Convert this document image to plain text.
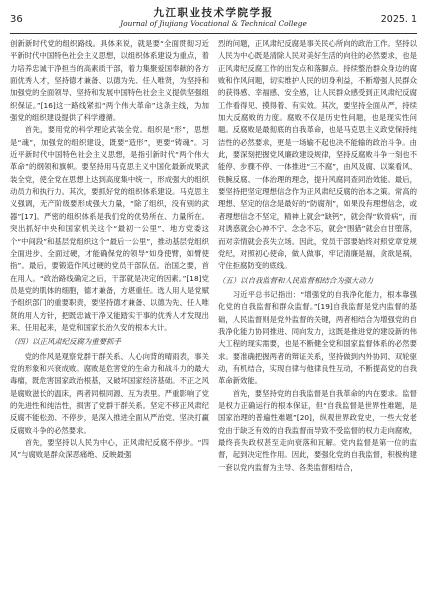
36
九江职业技术学院学报
Journal of Jiujiang Vocational & Technical College	2025. 1

创新新时代党的组织路线。具体来说，就是要“全面贯彻习近平新时代中国特色社会主义思想，以组织体系建设为重点，着力培养忠诚干净担当的高素质干部，着力集聚爱国奉献的各方面优秀人才，坚持德才兼备、以德为先、任人唯贤，为坚持和加强党的全面领导、坚持和发展中国特色社会主义提供坚强组织保证。”[16]这一路线紧扣“两个伟大革命”这条主线，为加强党的组织建设提供了科学遵循。

首先，要用党的科学理论武装全党。组织是“形”，思想是“魂”，加强党的组织建设，既要“造形”，更要“铸魂”。习近平新时代中国特色社会主义思想，是指引新时代“两个伟大革命”的纲领和旗帜。要坚持用马克思主义中国化最新成果武装全党，使全党在思想上达到高度集中统一，形成强大的组织动员力和执行力。其次，要抓好党的组织体系建设。马克思主义强调，无产阶级要形成强大力量，“除了组织，没有别的武器”[17]。严密的组织体系是我们党的优势所在、力量所在。突出抓好中央和国家机关这个“最初一公里”、地方党委这个“中间段”和基层党组织这个“最后一公里”，推动基层党组织全面进步、全面过硬，才能确保党的领导“如身使臂，如臂使指”。最后，要锻造作风过硬的党员干部队伍。治国之要，首在用人。“政治路线确定之后，干部就是决定的因素。”[18]党员是党的肌体的细胞，德才兼备，方堪重任。选人用人是党赋予组织部门的重要职责，要坚持德才兼备、以德为先、任人唯贤的用人方针，把既忠诚干净又能踏实干事的优秀人才发现出来、任用起来，是党和国家长治久安的根本大计。

（四）以正风肃纪反腐为重要抓手

党的作风是观察党群干群关系、人心向背的晴雨表，事关党的形象和兴衰成败。腐败是危害党的生命力和战斗力的最大毒瘤，既危害国家政治根基，又破坏国家经济基础。不正之风是腐败滋长的温床，两者同根同源、互为表里。严重影响了党的先进性和纯洁性，损害了党群干群关系。坚定不移正风肃纪反腐不能松劲、不停步，是深入推进全面从严治党、坚决打赢反腐败斗争的必然要求。

首先，要坚持以人民为中心，正风肃纪反腐不停步。“四风”与腐败是群众深恶痛绝、反映最强

烈的问题，正风肃纪反腐是事关民心所向的政治工作。坚持以人民为中心既是清除人民对美好生活的向往的必然要求，也是正风肃纪反腐工作的出发点和落脚点。持续整治群众身边的腐败和作风问题，切实维护人民的切身利益，不断增强人民群众的获得感、幸福感、安全感，让人民群众感受到正风肃纪反腐工作看得见、摸得着、有实效。其次，要坚持全面从严，持续加大反腐败的力度。腐败不仅是历史性问题，也是现实性问题。反腐败是最彻底的自我革命，也是马克思主义政党保持纯洁性的必然要求，更是一场输不起也决不能输的政治斗争。由此，要深刻把握党风廉政建设规律，坚持反腐败斗争一刻也不能停、步骤不停、一体推进“三不腐”，由风及腐、以案看风、铁腕反腐、一体治理的理念，提升风腐同查同治效能。最后，要坚持把坚定理想信念作为正风肃纪反腐的治本之策。常高的理想、坚定的信念是最好的“防腐剂”，如果没有理想信念，或者理想信念不坚定，精神上就会“缺钙”，就会得“软骨病”，而对诱惑就会心神不宁、念念不忘，就会“围猎”就会自甘堕落，而对亲情就会丧失立场。因此，党员干部要始终对照党章党规党纪，对照初心使命，做人做事，牢记清廉是福，贪欲是祸，守住拒腐防变的底线。

（五）以自我监督和人民监督相结合为强大动力

习近平总书记指出：“增强党的自我净化能力，根本靠强化党的自我监督和群众监督。”[19]自我监督是党内监督的基础，人民监督则是党外监督的关键，两者相结合为增强党的自我净化能力协同推进、同向发力，这既是推进党的建设新的伟大工程的现实需要，也是不断健全党和国家监督体系的必然要求。要准确把握两者的辩证关系，坚持做到内外协同、双轮驱动，有机结合，实现自律与他律良性互动，不断提高党的自我革命新效能。

首先，要坚持党的自我监督是自我革命的内在要求。监督是权力正确运行的根本保证，但“自我监督是世界性难题，是国家治理的普遍性难题”[20]，纵观世界政党史，一些大党老党由于缺乏有效的自我监督而导致不受监督的权力走向腐败，最终丧失政权甚至走向衰落和瓦解。党内监督是第一位的监督，起到决定性作用。因此，要强化党的自我监督，积极构建一套以党内监督为主导、各类监督相结合，
